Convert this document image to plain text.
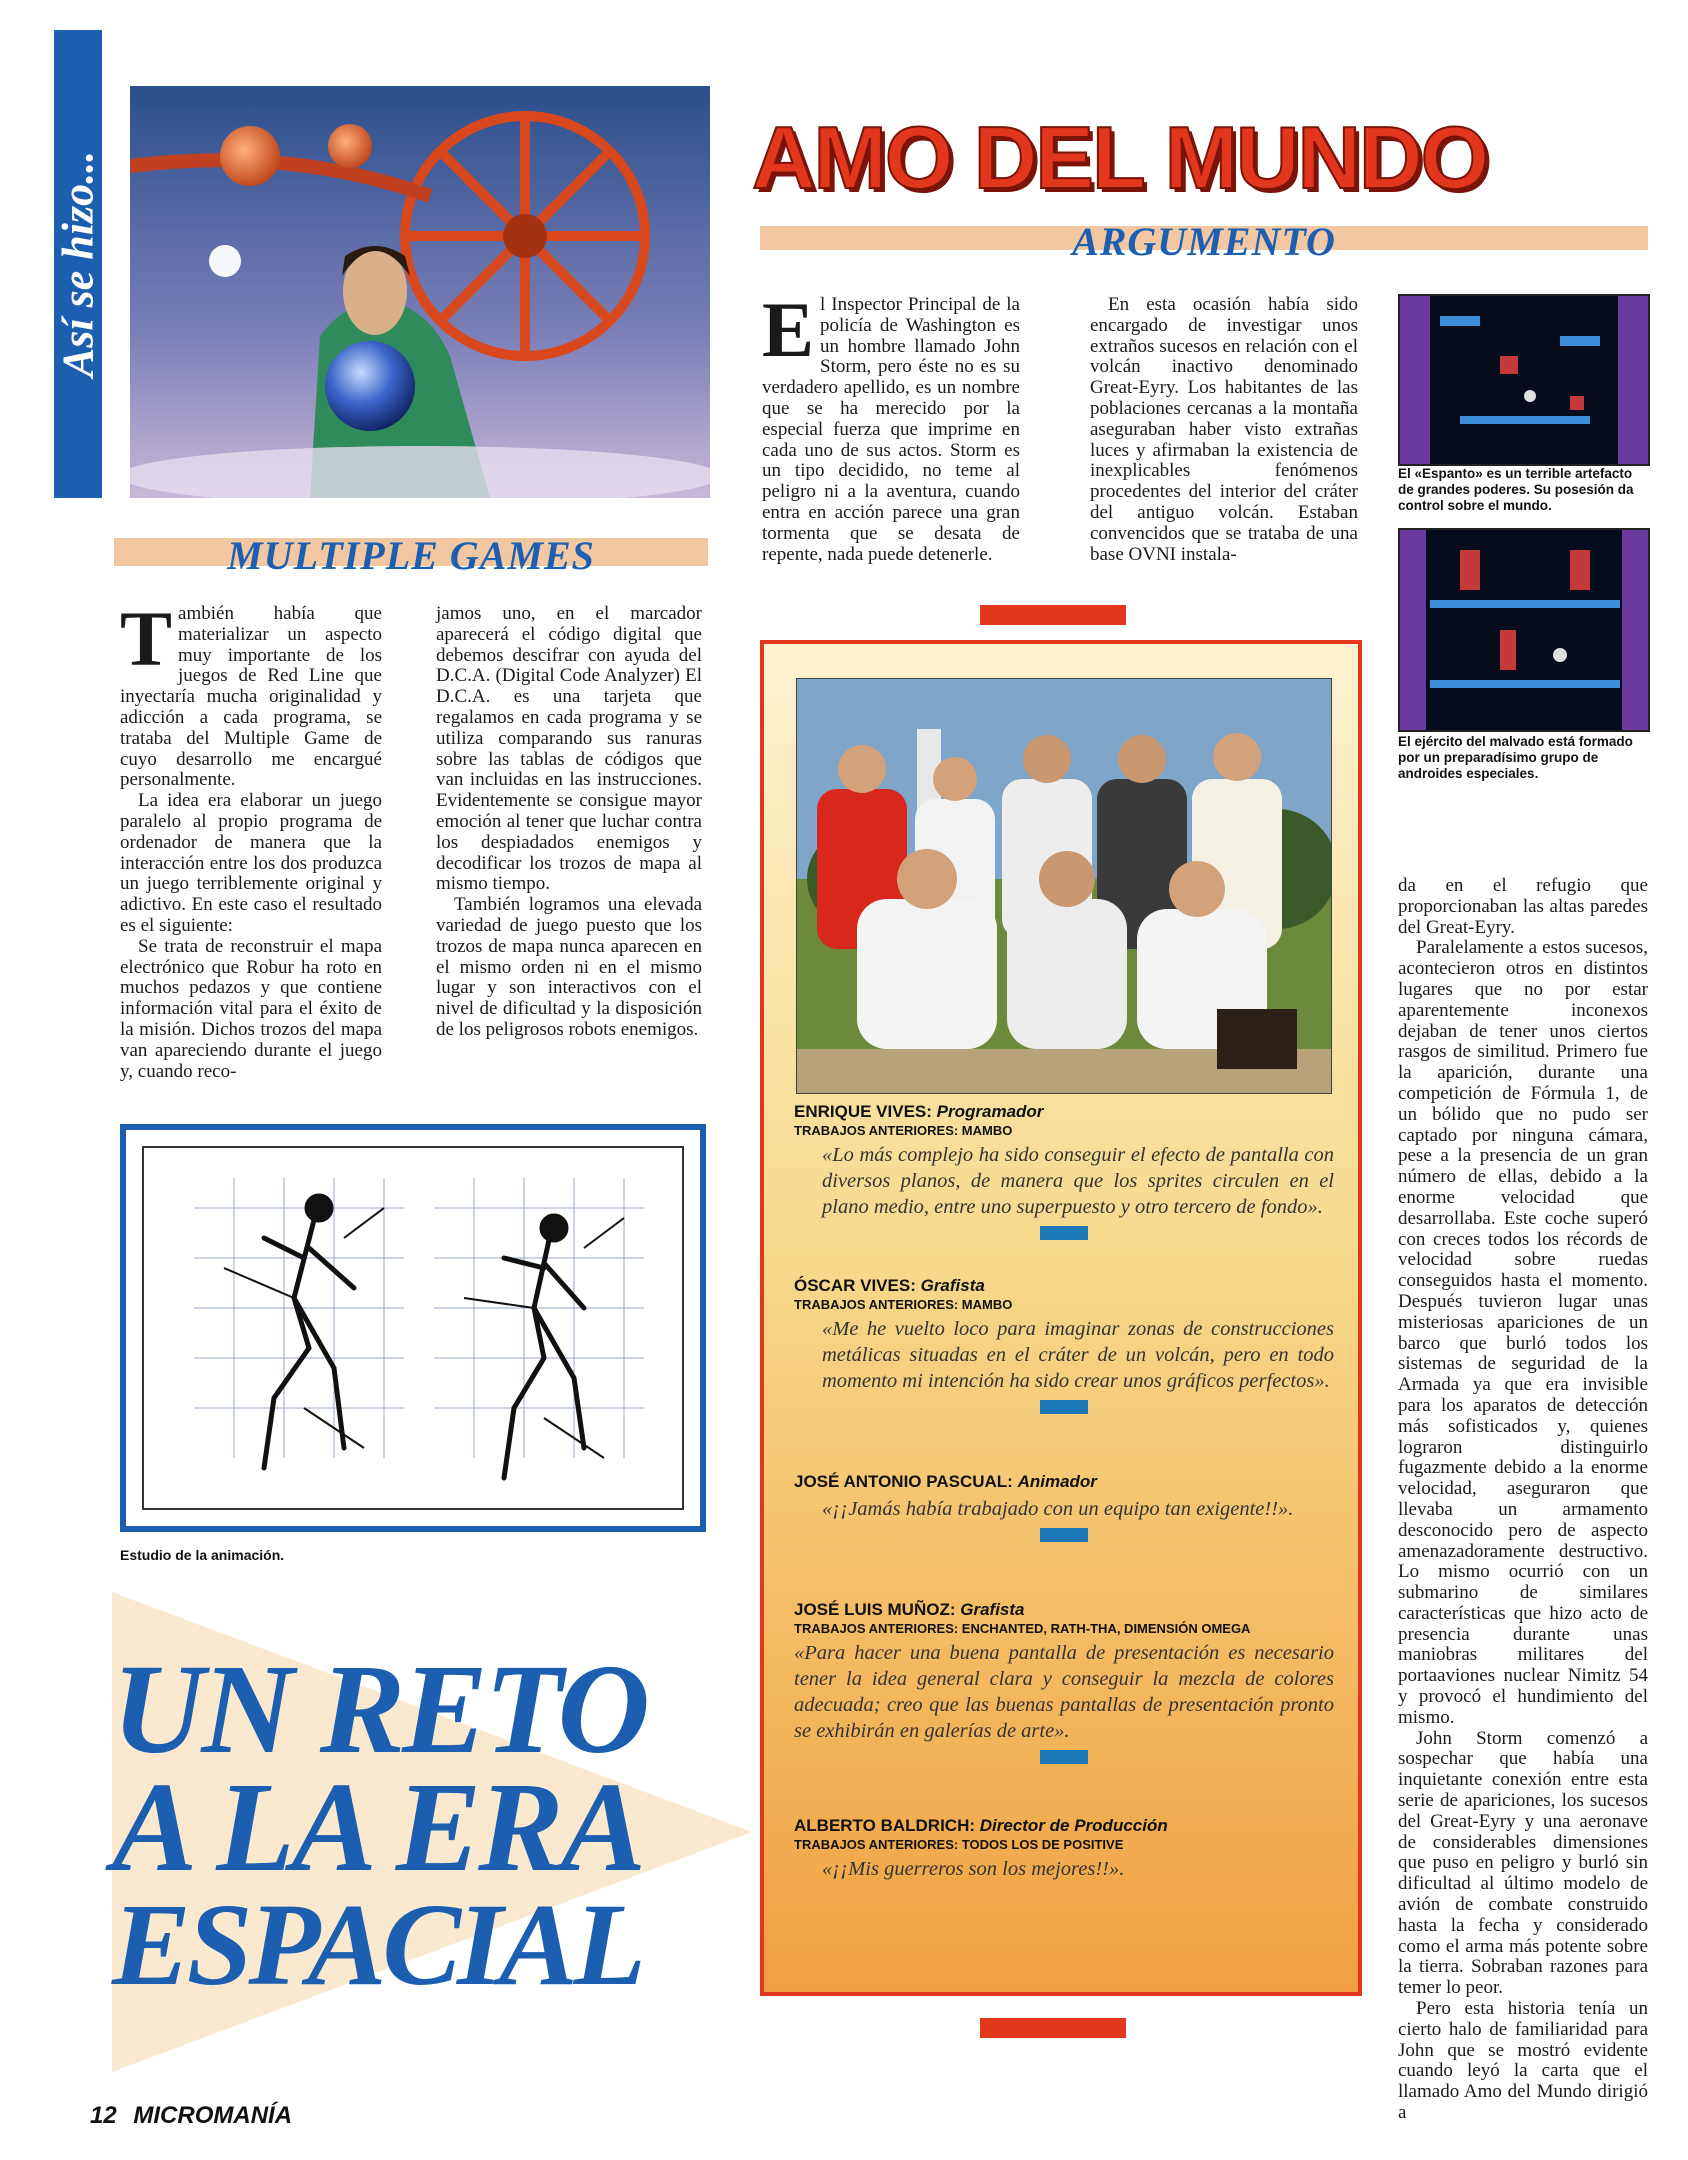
Así se hizo...	AMO DEL MUNDO
ARGUMENTO

El Inspector Principal de la policía de Washington es un hombre llamado John Storm, pero éste no es su verdadero apellido, es un nombre que se ha merecido por la especial fuerza que imprime en cada uno de sus actos. Storm es un tipo decidido, no teme al peligro ni a la aventura, cuando entra en acción parece una gran tormenta que se desata de repente, nada puede detenerle.

En esta ocasión había sido encargado de investigar unos extraños sucesos en relación con el volcán inactivo denominado Great-Eyry. Los habitantes de las poblaciones cercanas a la montaña aseguraban haber visto extrañas luces y afirmaban la existencia de inexplicables fenómenos procedentes del interior del cráter del antiguo volcán. Estaban convencidos que se trataba de una base OVNI instala-

El «Espanto» es un terrible artefacto de grandes poderes. Su posesión da control sobre el mundo.
El ejército del malvado está formado por un preparadísimo grupo de androides especiales.
MULTIPLE GAMES

También había que materializar un aspecto muy importante de los juegos de Red Line que inyectaría mucha originalidad y adicción a cada programa, se trataba del Multiple Game de cuyo desarrollo me encargué personalmente.

La idea era elaborar un juego paralelo al propio programa de ordenador de manera que la interacción entre los dos produzca un juego terriblemente original y adictivo. En este caso el resultado es el siguiente:

Se trata de reconstruir el mapa electrónico que Robur ha roto en muchos pedazos y que contiene información vital para el éxito de la misión. Dichos trozos del mapa van apareciendo durante el juego y, cuando reco-

jamos uno, en el marcador aparecerá el código digital que debemos descifrar con ayuda del D.C.A. (Digital Code Analyzer) El D.C.A. es una tarjeta que regalamos en cada programa y se utiliza comparando sus ranuras sobre las tablas de códigos que van incluidas en las instrucciones. Evidentemente se consigue mayor emoción al tener que luchar contra los despiadados enemigos y decodificar los trozos de mapa al mismo tiempo.

También logramos una elevada variedad de juego puesto que los trozos de mapa nunca aparecen en el mismo orden ni en el mismo lugar y son interactivos con el nivel de dificultad y la disposición de los peligrosos robots enemigos.

ENRIQUE VIVES: Programador
TRABAJOS ANTERIORES: MAMBO

«Lo más complejo ha sido conseguir el efecto de pantalla con diversos planos, de manera que los sprites circulen en el plano medio, entre uno superpuesto y otro tercero de fondo».

ÓSCAR VIVES: Grafista
TRABAJOS ANTERIORES: MAMBO

«Me he vuelto loco para imaginar zonas de construcciones metálicas situadas en el cráter de un volcán, pero en todo momento mi intención ha sido crear unos gráficos perfectos».

JOSÉ ANTONIO PASCUAL: Animador

«¡¡Jamás había trabajado con un equipo tan exigente!!».

JOSÉ LUIS MUÑOZ: Grafista
TRABAJOS ANTERIORES: ENCHANTED, RATH-THA, DIMENSIÓN OMEGA

«Para hacer una buena pantalla de presentación es necesario tener la idea general clara y conseguir la mezcla de colores adecuada; creo que las buenas pantallas de presentación pronto se exhibirán en galerías de arte».

ALBERTO BALDRICH: Director de Producción
TRABAJOS ANTERIORES: TODOS LOS DE POSITIVE

«¡¡Mis guerreros son los mejores!!».

da en el refugio que proporcionaban las altas paredes del Great-Eyry.

Paralelamente a estos sucesos, acontecieron otros en distintos lugares que no por estar aparentemente inconexos dejaban de tener unos ciertos rasgos de similitud. Primero fue la aparición, durante una competición de Fórmula 1, de un bólido que no pudo ser captado por ninguna cámara, pese a la presencia de un gran número de ellas, debido a la enorme velocidad que desarrollaba. Este coche superó con creces todos los récords de velocidad sobre ruedas conseguidos hasta el momento. Después tuvieron lugar unas misteriosas apariciones de un barco que burló todos los sistemas de seguridad de la Armada ya que era invisible para los aparatos de detección más sofisticados y, quienes lograron distinguirlo fugazmente debido a la enorme velocidad, aseguraron que llevaba un armamento desconocido pero de aspecto amenazadoramente destructivo. Lo mismo ocurrió con un submarino de similares características que hizo acto de presencia durante unas maniobras militares del portaaviones nuclear Nimitz 54 y provocó el hundimiento del mismo.

John Storm comenzó a sospechar que había una inquietante conexión entre esta serie de apariciones, los sucesos del Great-Eyry y una aeronave de considerables dimensiones que puso en peligro y burló sin dificultad al último modelo de avión de combate construido hasta la fecha y considerado como el arma más potente sobre la tierra. Sobraban razones para temer lo peor.

Pero esta historia tenía un cierto halo de familiaridad para John que se mostró evidente cuando leyó la carta que el llamado Amo del Mundo dirigió a

Estudio de la animación.
UN RETO
A LA ERA
ESPACIAL
12 MICROMANÍA
